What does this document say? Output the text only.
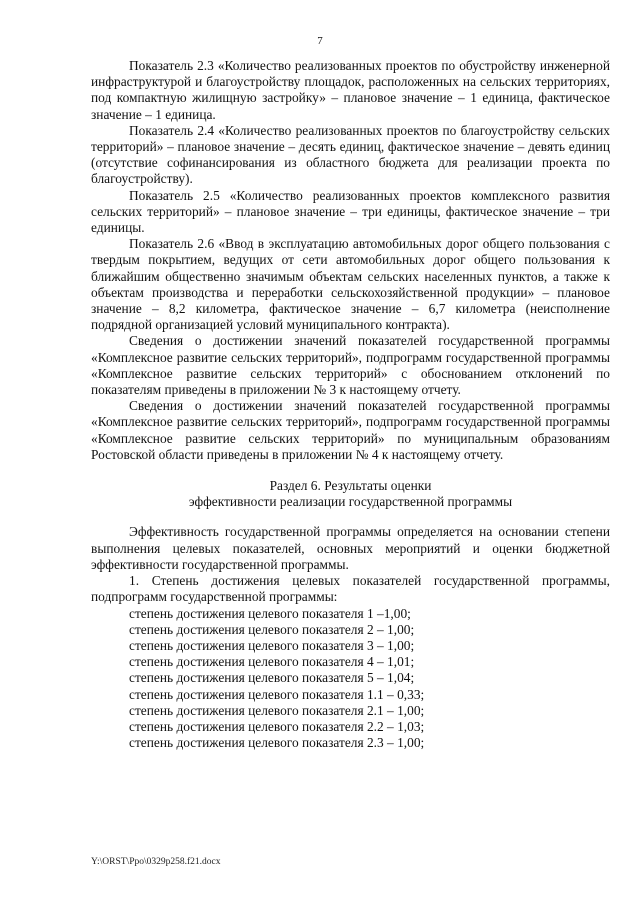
7

Показатель 2.3 «Количество реализованных проектов по обустройству инженерной инфраструктурой и благоустройству площадок, расположенных на сельских территориях, под компактную жилищную застройку» – плановое значение – 1 единица, фактическое значение – 1 единица.

Показатель 2.4 «Количество реализованных проектов по благоустройству сельских территорий» – плановое значение – десять единиц, фактическое значение – девять единиц (отсутствие софинансирования из областного бюджета для реализации проекта по благоустройству).

Показатель 2.5 «Количество реализованных проектов комплексного развития сельских территорий» – плановое значение – три единицы, фактическое значение – три единицы.

Показатель 2.6 «Ввод в эксплуатацию автомобильных дорог общего пользования с твердым покрытием, ведущих от сети автомобильных дорог общего пользования к ближайшим общественно значимым объектам сельских населенных пунктов, а также к объектам производства и переработки сельскохозяйственной продукции» – плановое значение – 8,2 километра, фактическое значение – 6,7 километра (неисполнение подрядной организацией условий муниципального контракта).

Сведения о достижении значений показателей государственной программы «Комплексное развитие сельских территорий», подпрограмм государственной программы «Комплексное развитие сельских территорий» с обоснованием отклонений по показателям приведены в приложении № 3 к настоящему отчету.

Сведения о достижении значений показателей государственной программы «Комплексное развитие сельских территорий», подпрограмм государственной программы «Комплексное развитие сельских территорий» по муниципальным образованиям Ростовской области приведены в приложении № 4 к настоящему отчету.

Раздел 6. Результаты оценки
эффективности реализации государственной программы

Эффективность государственной программы определяется на основании степени выполнения целевых показателей, основных мероприятий и оценки бюджетной эффективности государственной программы.

1. Степень достижения целевых показателей государственной программы, подпрограмм государственной программы:

степень достижения целевого показателя 1 –1,00;
степень достижения целевого показателя 2 – 1,00;
степень достижения целевого показателя 3 – 1,00;
степень достижения целевого показателя 4 – 1,01;
степень достижения целевого показателя 5 – 1,04;
степень достижения целевого показателя 1.1 – 0,33;
степень достижения целевого показателя 2.1 – 1,00;
степень достижения целевого показателя 2.2 – 1,03;
степень достижения целевого показателя 2.3 – 1,00;
Y:\ORST\Ppo\0329p258.f21.docx
